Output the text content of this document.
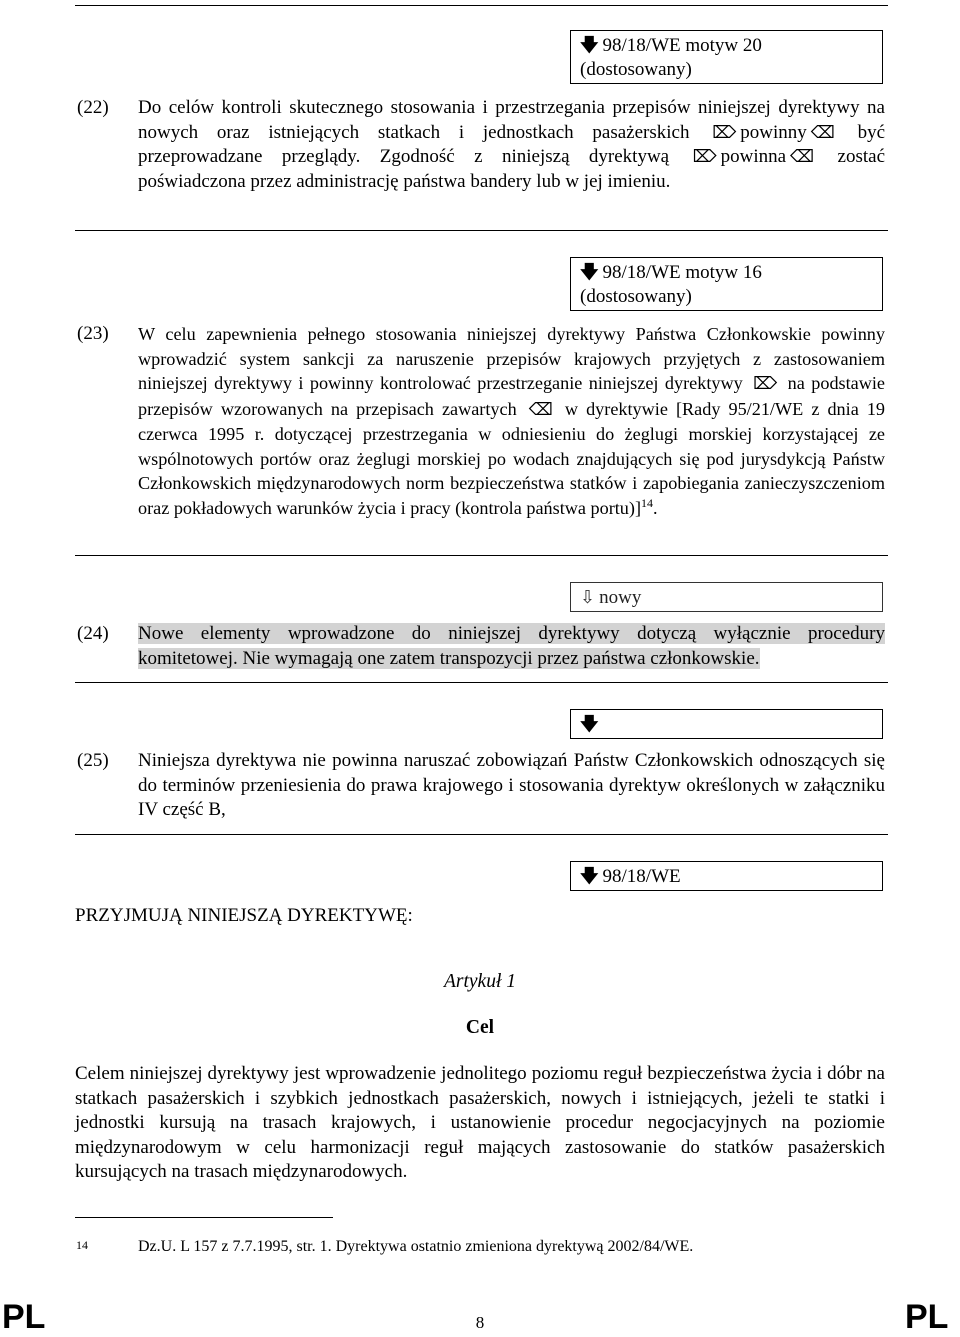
🡇 98/18/WE motyw 20
(dostosowany)
(22) Do celów kontroli skutecznego stosowania i przestrzegania przepisów niniejszej dyrektywy na nowych oraz istniejących statkach i jednostkach pasażerskich ⌦ powinny ⌫ być przeprowadzane przeglądy. Zgodność z niniejszą dyrektywą ⌦ powinna ⌫ zostać poświadczona przez administrację państwa bandery lub w jej imieniu.

🡇 98/18/WE motyw 16
(dostosowany)
(23) W celu zapewnienia pełnego stosowania niniejszej dyrektywy Państwa Członkowskie powinny wprowadzić system sankcji za naruszenie przepisów krajowych przyjętych z zastosowaniem niniejszej dyrektywy i powinny kontrolować przestrzeganie niniejszej dyrektywy ⌦ na podstawie przepisów wzorowanych na przepisach zawartych ⌫ w dyrektywie [Rady 95/21/WE z dnia 19 czerwca 1995 r. dotyczącej przestrzegania w odniesieniu do żeglugi morskiej korzystającej ze wspólnotowych portów oraz żeglugi morskiej po wodach znajdujących się pod jurysdykcją Państw Członkowskich międzynarodowych norm bezpieczeństwa statków i zapobiegania zanieczyszczeniom oraz pokładowych warunków życia i pracy (kontrola państwa portu)]$^{14}$.

⇩ nowy
(24) Nowe elementy wprowadzone do niniejszej dyrektywy dotyczą wyłącznie procedury komitetowej. Nie wymagają one zatem transpozycji przez państwa członkowskie.

🡇
(25) Niniejsza dyrektywa nie powinna naruszać zobowiązań Państw Członkowskich odnoszących się do terminów przeniesienia do prawa krajowego i stosowania dyrektyw określonych w załączniku IV część B,

🡇 98/18/WE
PRZYJMUJĄ NINIEJSZĄ DYREKTYWĘ:
Artykuł 1
Cel

Celem niniejszej dyrektywy jest wprowadzenie jednolitego poziomu reguł bezpieczeństwa życia i dóbr na statkach pasażerskich i szybkich jednostkach pasażerskich, nowych i istniejących, jeżeli te statki i jednostki kursują na trasach krajowych, i ustanowienie procedur negocjacyjnych na poziomie międzynarodowym w celu harmonizacji reguł mających zastosowanie do statków pasażerskich kursujących na trasach międzynarodowych.

14	Dz.U. L 157 z 7.7.1995, str. 1. Dyrektywa ostatnio zmieniona dyrektywą 2002/84/WE.
PL	8	PL
